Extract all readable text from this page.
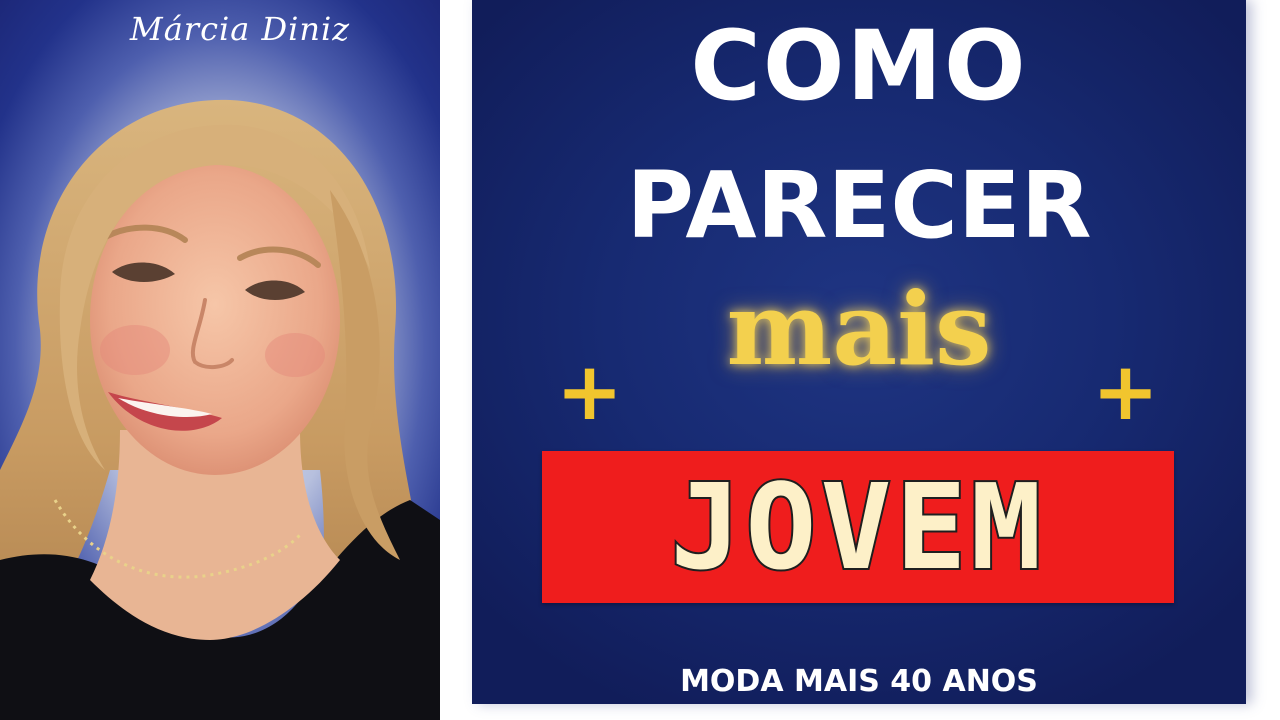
Márcia Diniz	COMO
PARECER
mais
+	+
JOVEM
MODA MAIS 40 ANOS
